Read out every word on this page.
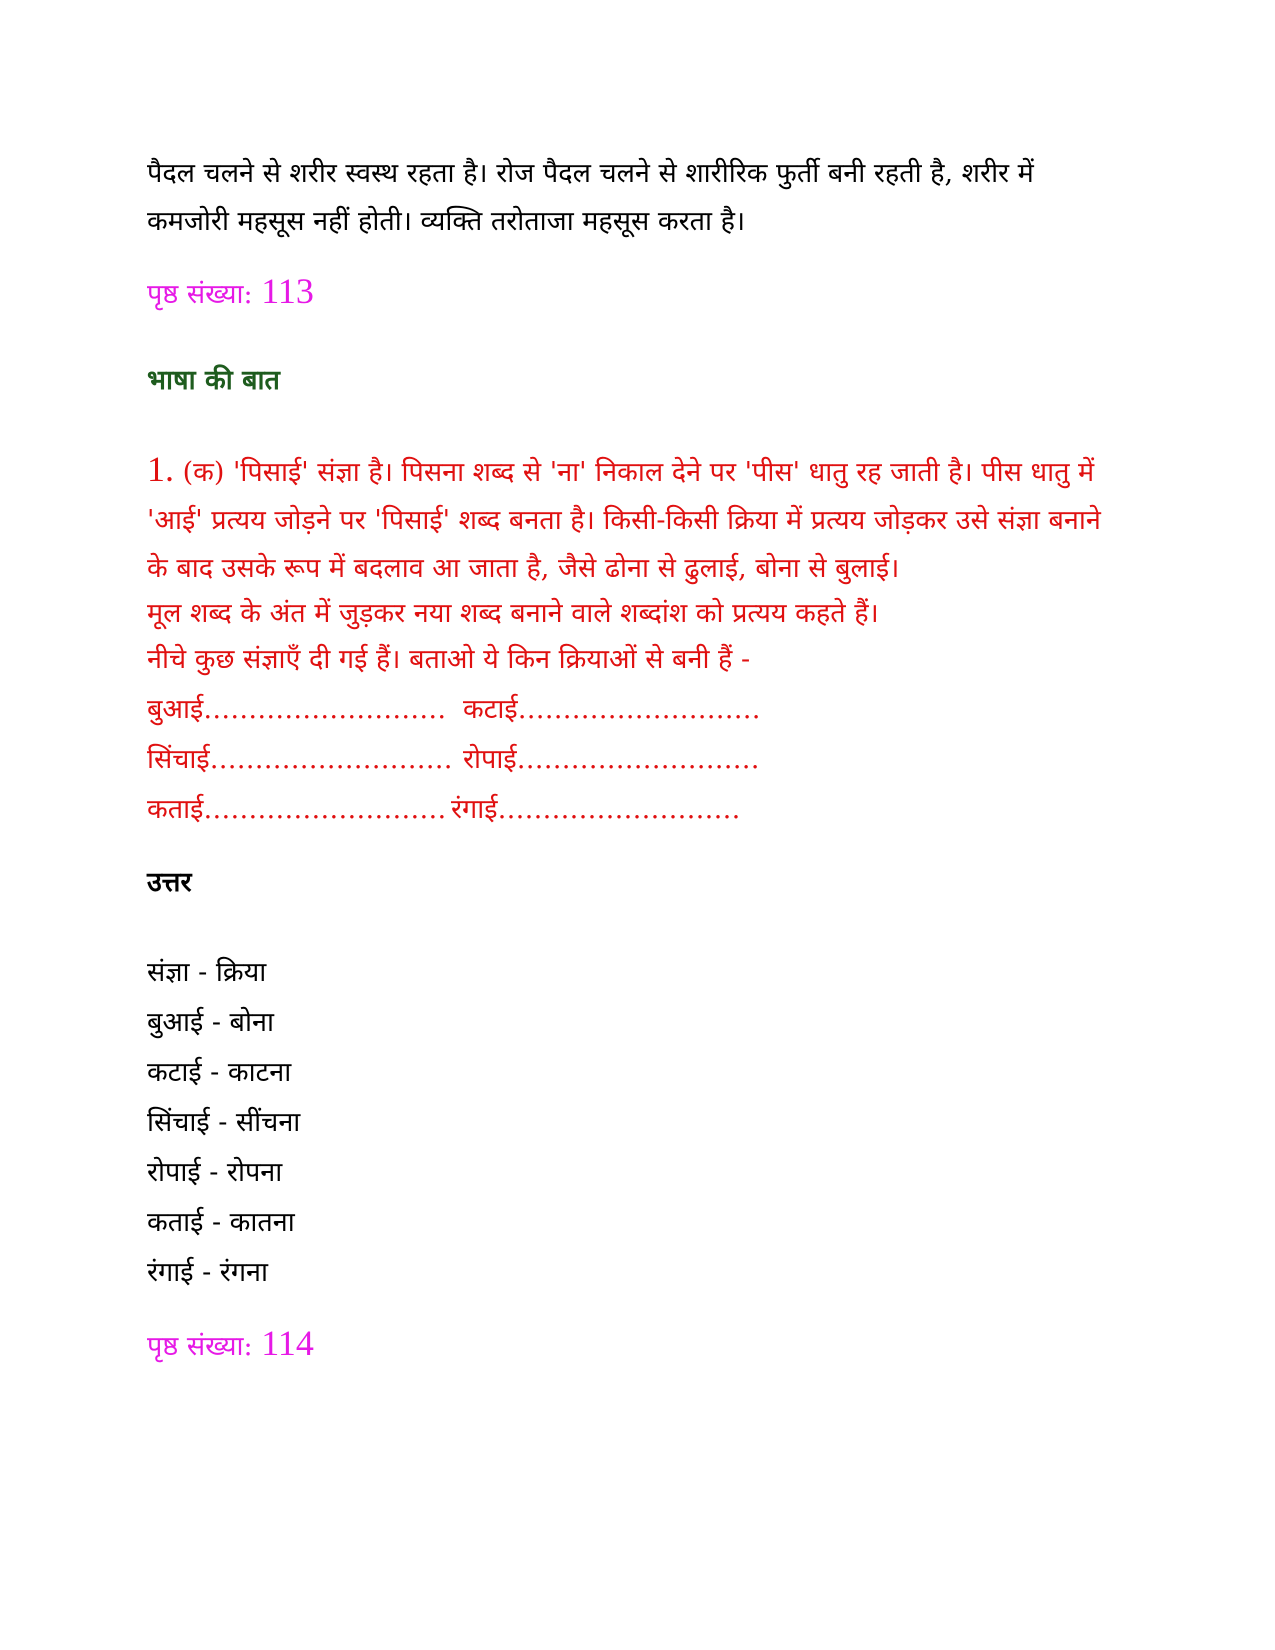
पैदल चलने से शरीर स्वस्थ रहता है। रोज पैदल चलने से शारीरिक फुर्ती बनी रहती है, शरीर में

कमजोरी महसूस नहीं होती। व्यक्ति तरोताजा महसूस करता है।

पृष्ठ संख्या: 113

भाषा की बात

1. (क) 'पिसाई' संज्ञा है। पिसना शब्द से 'ना' निकाल देने पर 'पीस' धातु रह जाती है। पीस धातु में

'आई' प्रत्यय जोड़ने पर 'पिसाई' शब्द बनता है। किसी-किसी क्रिया में प्रत्यय जोड़कर उसे संज्ञा बनाने

के बाद उसके रूप में बदलाव आ जाता है, जैसे ढोना से ढुलाई, बोना से बुलाई।

मूल शब्द के अंत में जुड़कर नया शब्द बनाने वाले शब्दांश को प्रत्यय कहते हैं।

नीचे कुछ संज्ञाएँ दी गई हैं। बताओ ये किन क्रियाओं से बनी हैं -

बुआई……………………… कटाई………………………

सिंचाई……………………… रोपाई………………………

कताई……………………… रंगाई………………………

उत्तर

संज्ञा - क्रिया

बुआई - बोना

कटाई - काटना

सिंचाई - सींचना

रोपाई - रोपना

कताई - कातना

रंगाई - रंगना

पृष्ठ संख्या: 114
